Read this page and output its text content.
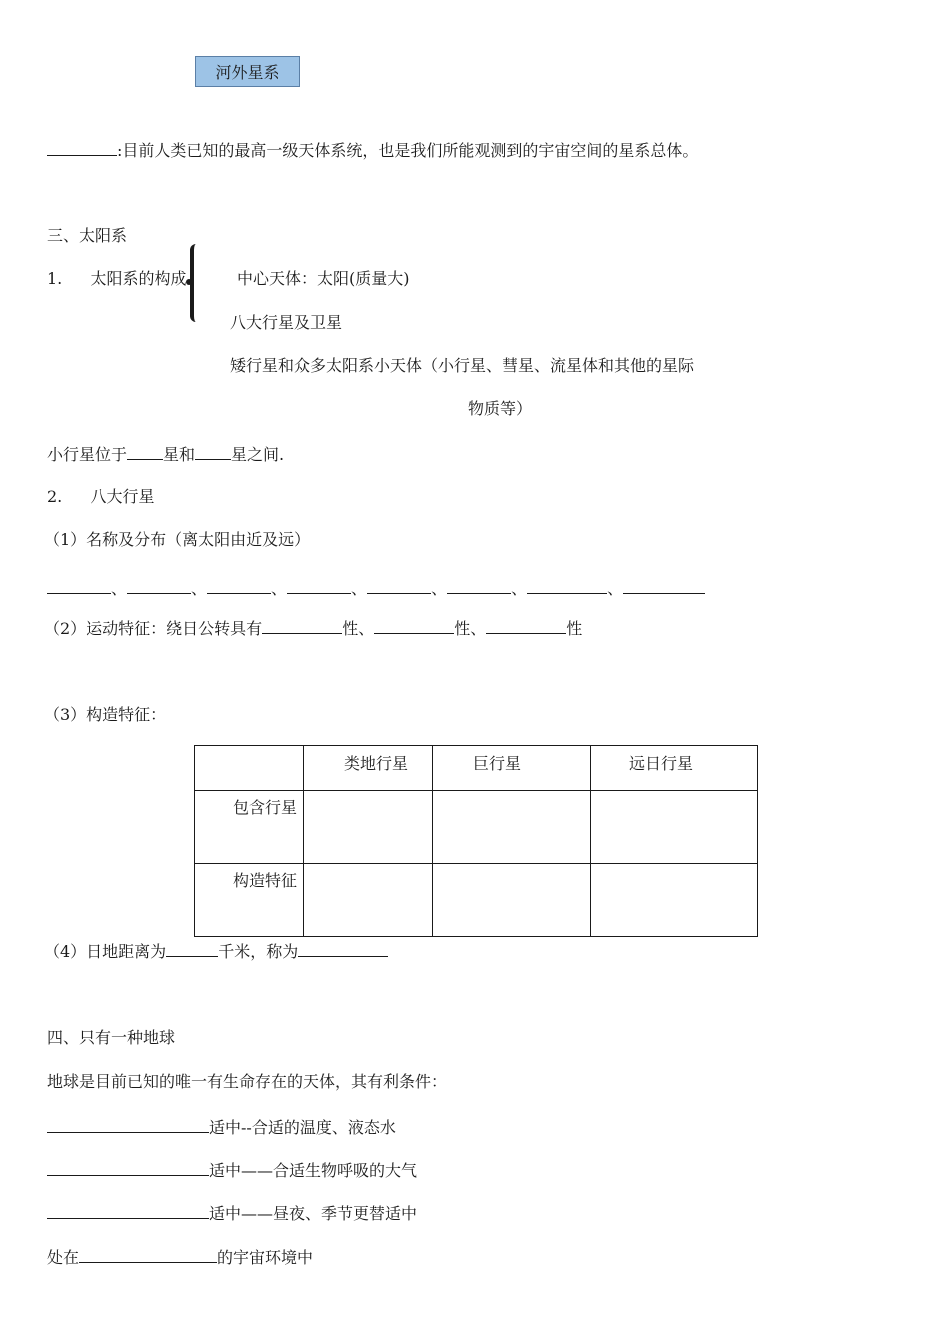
河外星系
:目前人类已知的最高一级天体系统，也是我们所能观测到的宇宙空间的星系总体。
三、太阳系
1. 太阳系的构成	中心天体：太阳(质量大)
八大行星及卫星
矮行星和众多太阳系小天体（小行星、彗星、流星体和其他的星际
物质等）
小行星位于 星和 星之间.
2. 八大行星
（1）名称及分布（离太阳由近及远）
、	、	、	、	、	、	、
（2）运动特征：绕日公转具有	性、	性、	性
（3）构造特征：

	类地行星	巨行星	远日行星

包含行星			

构造特征			

（4）日地距离为	千米，称为
四、只有一种地球
地球是目前已知的唯一有生命存在的天体，其有利条件：
适中--合适的温度、液态水
适中——合适生物呼吸的大气
适中——昼夜、季节更替适中
处在	的宇宙环境中
